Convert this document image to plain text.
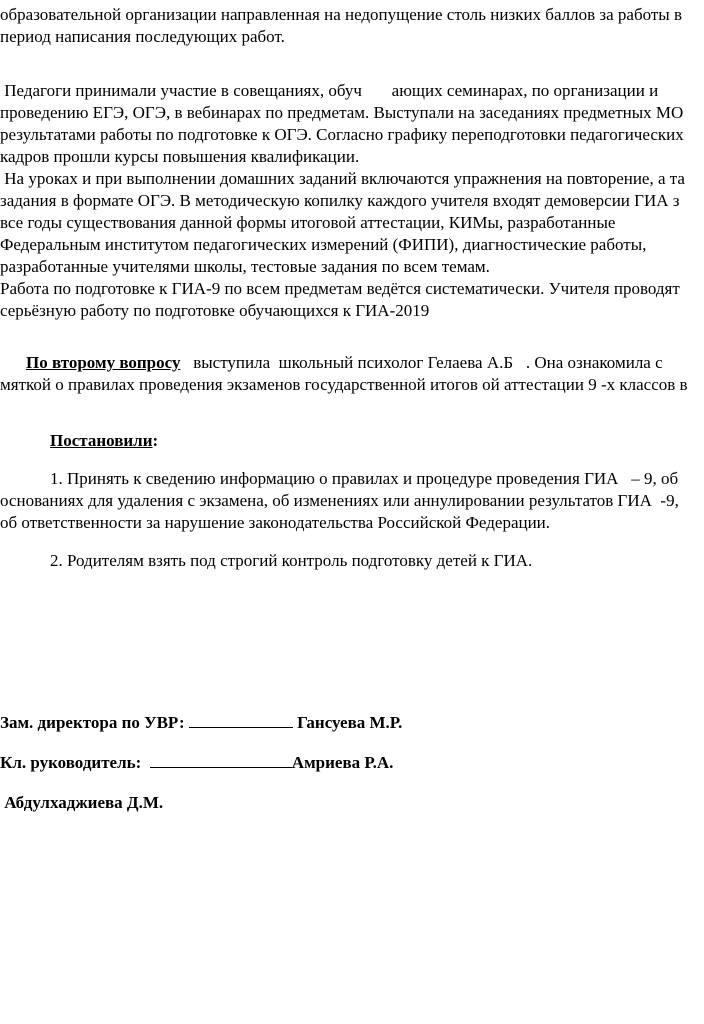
образовательной организации направленная на недопущение столь низких баллов за работы в
период написания последующих работ.
Педагоги принимали участие в совещаниях, обуч       ающих семинарах, по организации и
проведению ЕГЭ, ОГЭ, в вебинарах по предметам. Выступали на заседаниях предметных МО
результатами работы по подготовке к ОГЭ. Согласно графику переподготовки педагогических
кадров прошли курсы повышения квалификации.
На уроках и при выполнении домашних заданий включаются упражнения на повторение, а та
задания в формате ОГЭ. В методическую копилку каждого учителя входят демоверсии ГИА з
все годы существования данной формы итоговой аттестации, КИМы, разработанные
Федеральным институтом педагогических измерений (ФИПИ), диагностические работы,
разработанные учителями школы, тестовые задания по всем темам.
Работа по подготовке к ГИА-9 по всем предметам ведётся систематически. Учителя проводят
серьёзную работу по подготовке обучающихся к ГИА-2019
По второму вопросу   выступила  школьный психолог Гелаева А.Б   . Она ознакомила с
мяткой о правилах проведения экзаменов государственной итогов ой аттестации 9 -х классов в
Постановили:
1. Принять к сведению информацию о правилах и процедуре проведения ГИА   – 9, об
основаниях для удаления с экзамена, об изменениях или аннулировании результатов ГИА  -9,
об ответственности за нарушение законодательства Российской Федерации.
2. Родителям взять под строгий контроль подготовку детей к ГИА.
Зам. директора по УВР:	Гансуева М.Р.
Кл. руководитель:	Амриева Р.А.
Абдулхаджиева Д.М.
